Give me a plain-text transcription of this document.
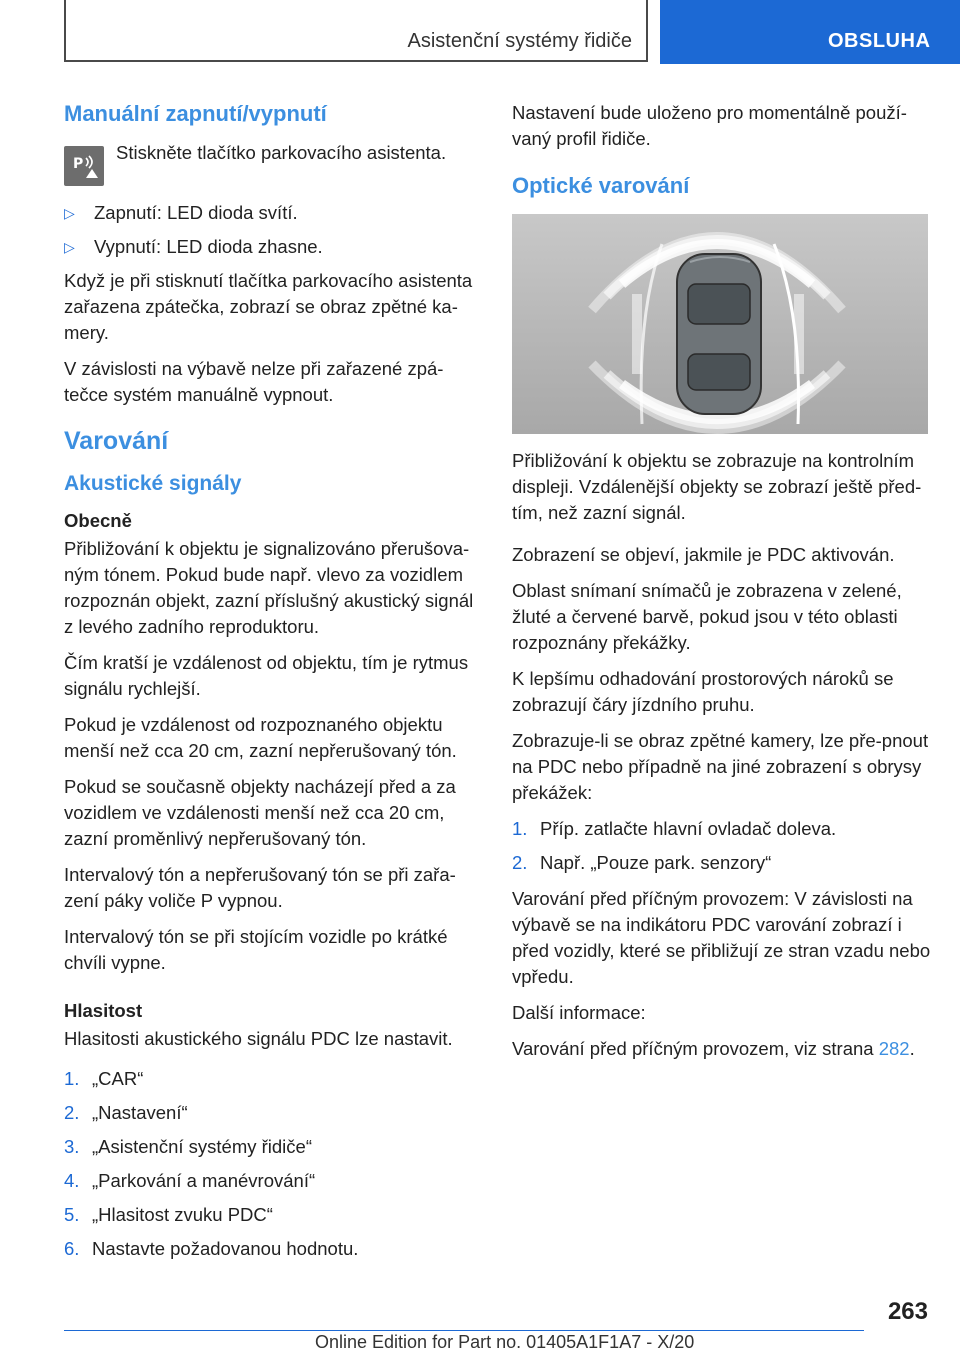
Asistenční systémy řidiče	OBSLUHA
Manuální zapnutí/vypnutí
P
Stiskněte tlačítko parkovacího asistenta.
▷	Zapnutí: LED dioda svítí.
▷	Vypnutí: LED dioda zhasne.

Když je při stisknutí tlačítka parkovacího asistenta zařazena zpátečka, zobrazí se obraz zpětné ka-mery.

V závislosti na výbavě nelze při zařazené zpá-tečce systém manuálně vypnout.

Varování
Akustické signály
Obecně

Přibližování k objektu je signalizováno přerušova-ným tónem. Pokud bude např. vlevo za vozidlem rozpoznán objekt, zazní příslušný akustický signál z levého zadního reproduktoru.

Čím kratší je vzdálenost od objektu, tím je rytmus signálu rychlejší.

Pokud je vzdálenost od rozpoznaného objektu menší než cca 20 cm, zazní nepřerušovaný tón.

Pokud se současně objekty nacházejí před a za vozidlem ve vzdálenosti menší než cca 20 cm, zazní proměnlivý nepřerušovaný tón.

Intervalový tón a nepřerušovaný tón se při zařa-zení páky voliče P vypnou.

Intervalový tón se při stojícím vozidle po krátké chvíli vypne.

Hlasitost

Hlasitosti akustického signálu PDC lze nastavit.

1. „CAR“
2. „Nastavení“
3. „Asistenční systémy řidiče“
4. „Parkování a manévrování“
5. „Hlasitost zvuku PDC“
6. Nastavte požadovanou hodnotu.

Nastavení bude uloženo pro momentálně použí-vaný profil řidiče.

Optické varování

Přibližování k objektu se zobrazuje na kontrolním displeji. Vzdálenější objekty se zobrazí ještě před-tím, než zazní signál.

Zobrazení se objeví, jakmile je PDC aktivován.

Oblast snímaní snímačů je zobrazena v zelené, žluté a červené barvě, pokud jsou v této oblasti rozpoznány překážky.

K lepšímu odhadování prostorových nároků se zobrazují čáry jízdního pruhu.

Zobrazuje-li se obraz zpětné kamery, lze pře-pnout na PDC nebo případně na jiné zobrazení s obrysy překážek:

1. Příp. zatlačte hlavní ovladač doleva.
2. Např. „Pouze park. senzory“

Varování před příčným provozem: V závislosti na výbavě se na indikátoru PDC varování zobrazí i před vozidly, které se přibližují ze stran vzadu nebo vpředu.

Další informace:

Varování před příčným provozem, viz strana 282.

263
Online Edition for Part no. 01405A1F1A7 - X/20
